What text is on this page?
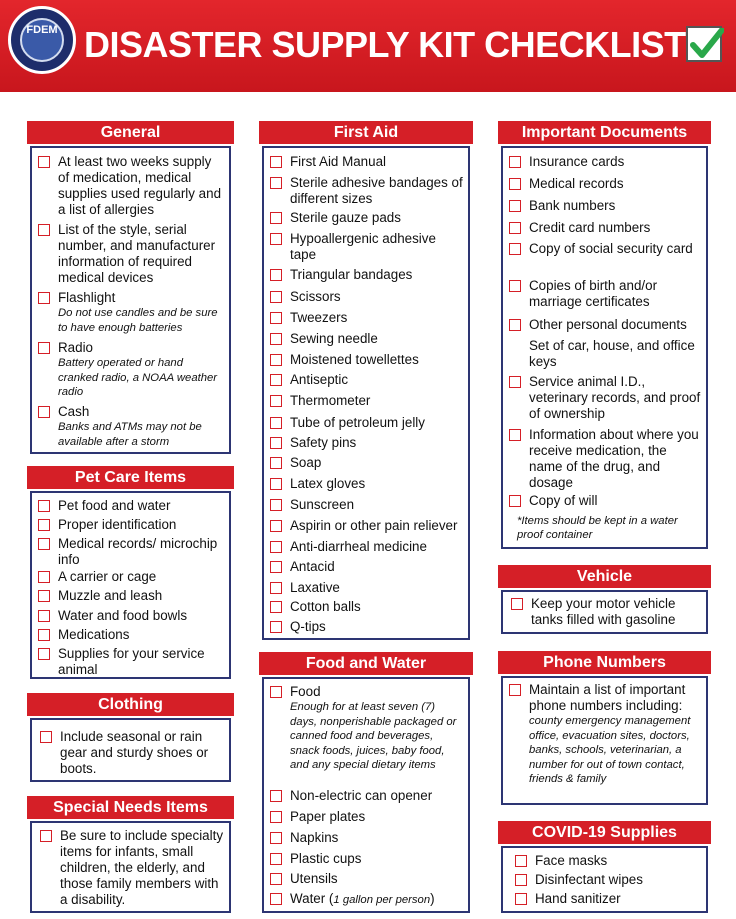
FDEM DISASTER SUPPLY KIT CHECKLIST
General
At least two weeks supply of medication, medical supplies used regularly and a list of allergies
List of the style, serial number, and manufacturer information of required medical devices
Flashlight
Do not use candles and be sure to have enough batteries
Radio
Battery operated or hand cranked radio, a NOAA weather radio
Cash
Banks and ATMs may not be available after a storm
Pet Care Items
Pet food and water
Proper identification
Medical records/ microchip info
A carrier or cage
Muzzle and leash
Water and food bowls
Medications
Supplies for your service animal
Clothing
Include seasonal or rain gear and sturdy shoes or boots.
Special Needs Items
Be sure to include specialty items for infants, small children, the elderly, and those family members with a disability.
First Aid
First Aid Manual
Sterile adhesive bandages of different sizes
Sterile gauze pads
Hypoallergenic adhesive tape
Triangular bandages
Scissors
Tweezers
Sewing needle
Moistened towellettes
Antiseptic
Thermometer
Tube of petroleum jelly
Safety pins
Soap
Latex gloves
Sunscreen
Aspirin or other pain reliever
Anti-diarrheal medicine
Antacid
Laxative
Cotton balls
Q-tips
Food and Water
Food
Enough for at least seven (7) days, nonperishable packaged or canned food and beverages, snack foods, juices, baby food, and any special dietary items
Non-electric can opener
Paper plates
Napkins
Plastic cups
Utensils
Water (1 gallon per person)
Important Documents
Insurance cards
Medical records
Bank numbers
Credit card numbers
Copy of social security card
Copies of birth and/or marriage certificates
Other personal documents
Set of car, house, and office keys
Service animal I.D., veterinary records, and proof of ownership
Information about where you receive medication, the name of the drug, and dosage
Copy of will
*Items should be kept in a water proof container
Vehicle
Keep your motor vehicle tanks filled with gasoline
Phone Numbers
Maintain a list of important phone numbers including:
county emergency management office, evacuation sites, doctors, banks, schools, veterinarian, a number for out of town contact, friends & family
COVID-19 Supplies
Face masks
Disinfectant wipes
Hand sanitizer
